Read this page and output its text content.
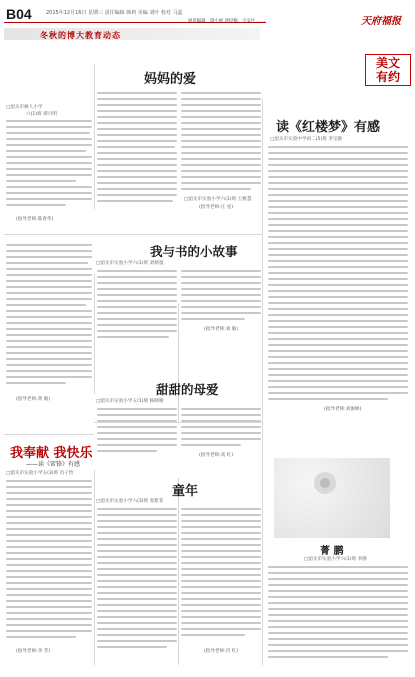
B04	2015年12月16日 星期三 责任编辑 韩莉 美编 刘叶 校对 马蕊
冬秋的博大教育动态
通讯编辑：谭小姐 请投稿：宝安区 ……	天府福报
美文
有约
□韶关市树人小学
六(1)班 谭月明
(指导老师:陈春华)
妈妈的爱
□韶关市实验小学六(1)班 王雅慧
(指导老师:庄 星)
我与书的小故事
□韶关市实验小学六(1)班 刘婧童
(指导老师:刘 敏)
(指导老师:黄 敏)
读《红楼梦》有感
□韶关市实验中学初二(5)班 李宝静
(指导老师:刘俊峰)
甜甜的母爱
□韶关市实验小学五(1)班 杨晴晴
(指导老师:高 红)
我奉献 我快乐
——读《雷锋》有感
□韶关市实验小学五(3)班 肖子怡
(指导老师:李 芳)
童年
□韶关市实验小学六(3)班 张紫菲
(指导老师:肖 红)
菁 鹏
□韶关市实验小学六(1)班 李静
